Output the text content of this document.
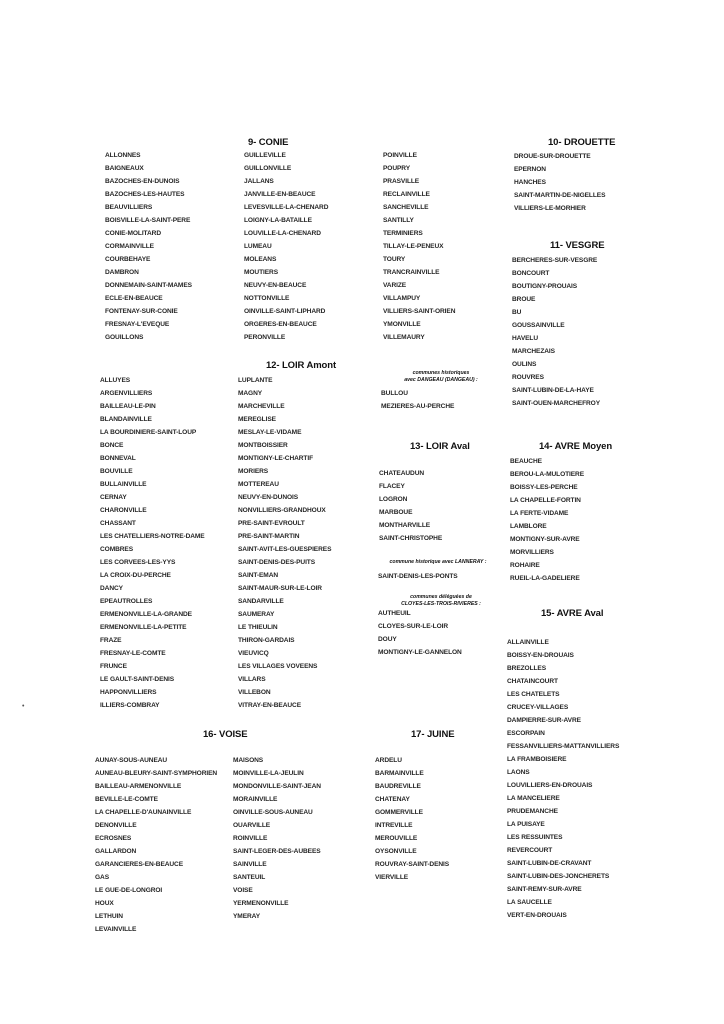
9- CONIE	10- DROUETTE
11- VESGRE
12- LOIR Amont
13- LOIR Aval	14- AVRE Moyen
15- AVRE Aval
16- VOISE	17- JUINE
communes historiques
avec DANGEAU (DANGEAU) :
commune historique avec LANNERAY :
communes déléguées de
CLOYES-LES-TROIS-RIVIERES :
ALLONNES
BAIGNEAUX
BAZOCHES-EN-DUNOIS
BAZOCHES-LES-HAUTES
BEAUVILLIERS
BOISVILLE-LA-SAINT-PERE
CONIE-MOLITARD
CORMAINVILLE
COURBEHAYE
DAMBRON
DONNEMAIN-SAINT-MAMES
ECLE-EN-BEAUCE
FONTENAY-SUR-CONIE
FRESNAY-L'EVEQUE
GOUILLONS
GUILLEVILLE
GUILLONVILLE
JALLANS
JANVILLE-EN-BEAUCE
LEVESVILLE-LA-CHENARD
LOIGNY-LA-BATAILLE
LOUVILLE-LA-CHENARD
LUMEAU
MOLEANS
MOUTIERS
NEUVY-EN-BEAUCE
NOTTONVILLE
OINVILLE-SAINT-LIPHARD
ORGERES-EN-BEAUCE
PERONVILLE
POINVILLE
POUPRY
PRASVILLE
RECLAINVILLE
SANCHEVILLE
SANTILLY
TERMINIERS
TILLAY-LE-PENEUX
TOURY
TRANCRAINVILLE
VARIZE
VILLAMPUY
VILLIERS-SAINT-ORIEN
YMONVILLE
VILLEMAURY
DROUE-SUR-DROUETTE
EPERNON
HANCHES
SAINT-MARTIN-DE-NIGELLES
VILLIERS-LE-MORHIER
BERCHERES-SUR-VESGRE
BONCOURT
BOUTIGNY-PROUAIS
BROUE
BU
GOUSSAINVILLE
HAVELU
MARCHEZAIS
OULINS
ROUVRES
SAINT-LUBIN-DE-LA-HAYE
SAINT-OUEN-MARCHEFROY
ALLUYES
ARGENVILLIERS
BAILLEAU-LE-PIN
BLANDAINVILLE
LA BOURDINIERE-SAINT-LOUP
BONCE
BONNEVAL
BOUVILLE
BULLAINVILLE
CERNAY
CHARONVILLE
CHASSANT
LES CHATELLIERS-NOTRE-DAME
COMBRES
LES CORVEES-LES-YYS
LA CROIX-DU-PERCHE
DANCY
EPEAUTROLLES
ERMENONVILLE-LA-GRANDE
ERMENONVILLE-LA-PETITE
FRAZE
FRESNAY-LE-COMTE
FRUNCE
LE GAULT-SAINT-DENIS
HAPPONVILLIERS
ILLIERS-COMBRAY
LUPLANTE
MAGNY
MARCHEVILLE
MEREGLISE
MESLAY-LE-VIDAME
MONTBOISSIER
MONTIGNY-LE-CHARTIF
MORIERS
MOTTEREAU
NEUVY-EN-DUNOIS
NONVILLIERS-GRANDHOUX
PRE-SAINT-EVROULT
PRE-SAINT-MARTIN
SAINT-AVIT-LES-GUESPIERES
SAINT-DENIS-DES-PUITS
SAINT-EMAN
SAINT-MAUR-SUR-LE-LOIR
SANDARVILLE
SAUMERAY
LE THIEULIN
THIRON-GARDAIS
VIEUVICQ
LES VILLAGES VOVEENS
VILLARS
VILLEBON
VITRAY-EN-BEAUCE
BULLOU
MEZIERES-AU-PERCHE
CHATEAUDUN
FLACEY
LOGRON
MARBOUE
MONTHARVILLE
SAINT-CHRISTOPHE
SAINT-DENIS-LES-PONTS
AUTHEUIL
CLOYES-SUR-LE-LOIR
DOUY
MONTIGNY-LE-GANNELON
BEAUCHE
BEROU-LA-MULOTIERE
BOISSY-LES-PERCHE
LA CHAPELLE-FORTIN
LA FERTE-VIDAME
LAMBLORE
MONTIGNY-SUR-AVRE
MORVILLIERS
ROHAIRE
RUEIL-LA-GADELIERE
ALLAINVILLE
BOISSY-EN-DROUAIS
BREZOLLES
CHATAINCOURT
LES CHATELETS
CRUCEY-VILLAGES
DAMPIERRE-SUR-AVRE
ESCORPAIN
FESSANVILLIERS-MATTANVILLIERS
LA FRAMBOISIERE
LAONS
LOUVILLIERS-EN-DROUAIS
LA MANCELIERE
PRUDEMANCHE
LA PUISAYE
LES RESSUINTES
REVERCOURT
SAINT-LUBIN-DE-CRAVANT
SAINT-LUBIN-DES-JONCHERETS
SAINT-REMY-SUR-AVRE
LA SAUCELLE
VERT-EN-DROUAIS
AUNAY-SOUS-AUNEAU
AUNEAU-BLEURY-SAINT-SYMPHORIEN
BAILLEAU-ARMENONVILLE
BEVILLE-LE-COMTE
LA CHAPELLE-D'AUNAINVILLE
DENONVILLE
ECROSNES
GALLARDON
GARANCIERES-EN-BEAUCE
GAS
LE GUE-DE-LONGROI
HOUX
LETHUIN
LEVAINVILLE
MAISONS
MOINVILLE-LA-JEULIN
MONDONVILLE-SAINT-JEAN
MORAINVILLE
OINVILLE-SOUS-AUNEAU
OUARVILLE
ROINVILLE
SAINT-LEGER-DES-AUBEES
SAINVILLE
SANTEUIL
VOISE
YERMENONVILLE
YMERAY
ARDELU
BARMAINVILLE
BAUDREVILLE
CHATENAY
GOMMERVILLE
INTREVILLE
MEROUVILLE
OYSONVILLE
ROUVRAY-SAINT-DENIS
VIERVILLE
•
